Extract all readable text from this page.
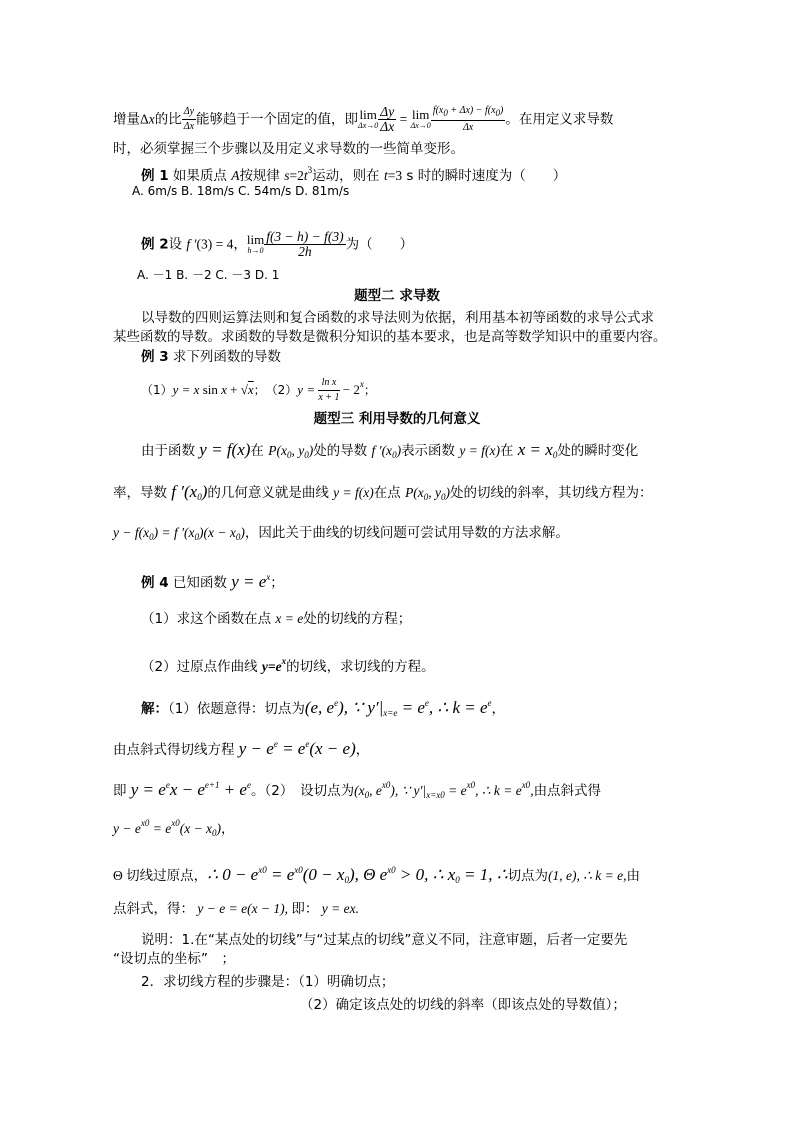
增量Δx的比 $\frac{\Delta y}{\Delta x}$ 能够趋于一个固定的值，即 lim
$\Delta x\to 0 \frac{\Delta y}{\Delta x} = \lim$
$\Delta x\to 0 \frac{f(x0 + \Delta x) - f(x0)}{\Delta x}$ 。在用定义求导数
时，必须掌握三个步骤以及用定义求导数的一些简单变形。
例 1 如果质点 A按规律 $s=2t^3$运动，则在 t=3 s 时的瞬时速度为（　　）
A. 6m/s B. 18m/s C. 54m/s D. 81m/s
例 2设 f ′(3) = 4， lim
$h\to 0 \frac{f(3 - h) - f(3)}{2h}$ 为（　　）
A. －1 B. －2 C. －3 D. 1
题型二 求导数
以导数的四则运算法则和复合函数的求导法则为依据，利用基本初等函数的求导公式求
某些函数的导数。求函数的导数是微积分知识的基本要求，也是高等数学知识中的重要内容。
例 3 求下列函数的导数
（1）y = x sin x + √x；　$(2)y = \frac{\text{ln x}}{x + 1} - 2^x$；
题型三 利用导数的几何意义
由于函数 y = f(x)在 $P(x_0$, $y_0$)处的导数 f $'(x_0)$表示函数 y = f(x)在 $x = x_0$处的瞬时变化
率，导数 f $'(x_0)$的几何意义就是曲线 y = f(x)在点 $P(x_0$, $y_0$)处的切线的斜率，其切线方程为：
$y - f(x_0) = f$ $'(x_0)(x - x_0)$，因此关于曲线的切线问题可尝试用导数的方法求解。
例 4 已知函数 $y = e^x$；
（1）求这个函数在点 x = e处的切线的方程；
（2）过原点作曲线 $y=e^x$的切线，求切线的方程。
解：（1）依题意得：切点为(e, $e^e$), ∵ $y'|_{x=e} = e^e$, ∴ $k = e^e$，
由点斜式得切线方程 $y - e^e = e^e(x - e)$，
即 $y = e^ex - e^{e+1} + e^e$。（2）　设切点为($x_0$, $e^{x0}$), ∵ $y'|_{x=x0} = e^{x0}$, ∴ $k = e^{x0}$,由点斜式得
$y - e^{x0} = e^{x0}(x - x_0)$，
Θ 切线过原点，∴ $0 - e^{x0} = e^{x0}(0 - x_0)$, Θ $e^{x0} > 0$, ∴ $x_0 = 1$, ∴切点为(1, e), ∴ k = e,由
点斜式，得： y − e = e(x − 1), 即： y = ex.
说明：1.在“某点处的切线”与“过某点的切线”意义不同，注意审题，后者一定要先
“设切点的坐标”　；
2．求切线方程的步骤是：（1）明确切点；
（2）确定该点处的切线的斜率（即该点处的导数值）；
